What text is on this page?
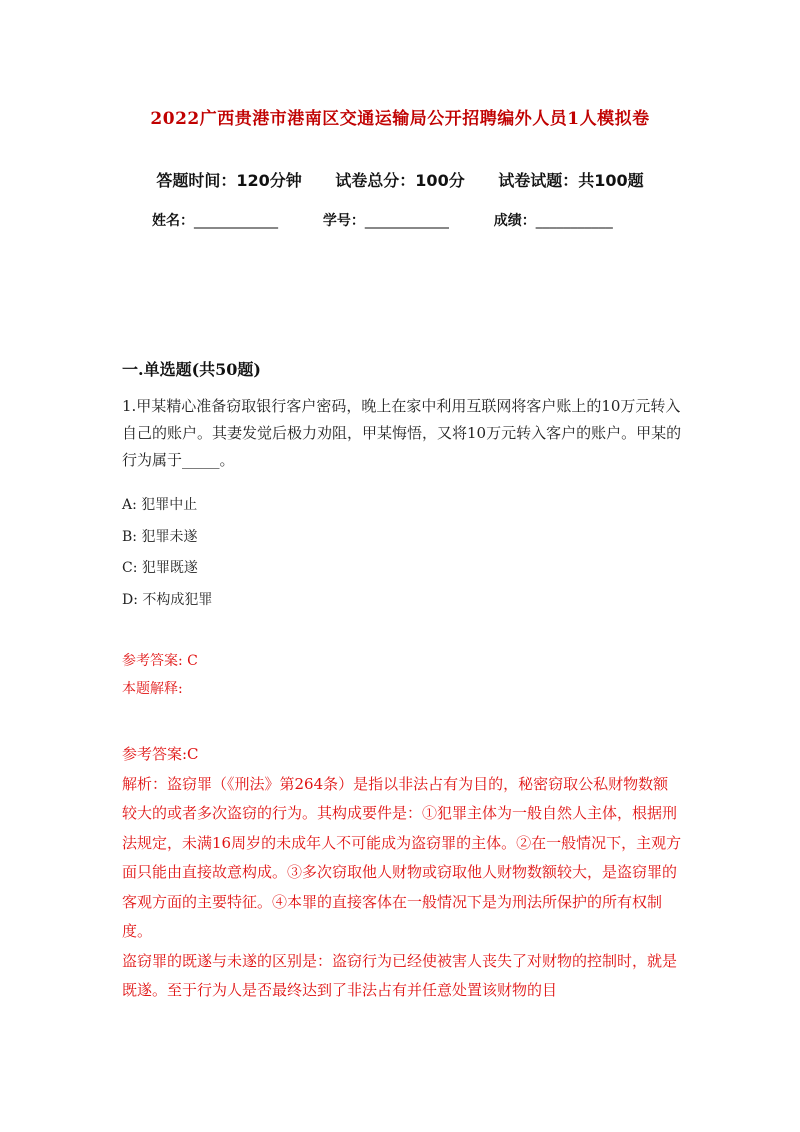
2022广西贵港市港南区交通运输局公开招聘编外人员1人模拟卷
答题时间：120分钟 试卷总分：100分 试卷试题：共100题
姓名：____________	学号：____________	成绩：___________
一.单选题(共50题)
1.甲某精心准备窃取银行客户密码，晚上在家中利用互联网将客户账上的10万元转入自己的账户。其妻发觉后极力劝阻，甲某悔悟，又将10万元转入客户的账户。甲某的行为属于_____。
A: 犯罪中止
B: 犯罪未遂
C: 犯罪既遂
D: 不构成犯罪
参考答案: C
本题解释:

参考答案:C

解析：盗窃罪（《刑法》第264条）是指以非法占有为目的，秘密窃取公私财物数额较大的或者多次盗窃的行为。其构成要件是：①犯罪主体为一般自然人主体，根据刑法规定，未满16周岁的未成年人不可能成为盗窃罪的主体。②在一般情况下，主观方面只能由直接故意构成。③多次窃取他人财物或窃取他人财物数额较大，是盗窃罪的客观方面的主要特征。④本罪的直接客体在一般情况下是为刑法所保护的所有权制度。

盗窃罪的既遂与未遂的区别是：盗窃行为已经使被害人丧失了对财物的控制时，就是既遂。至于行为人是否最终达到了非法占有并任意处置该财物的目
